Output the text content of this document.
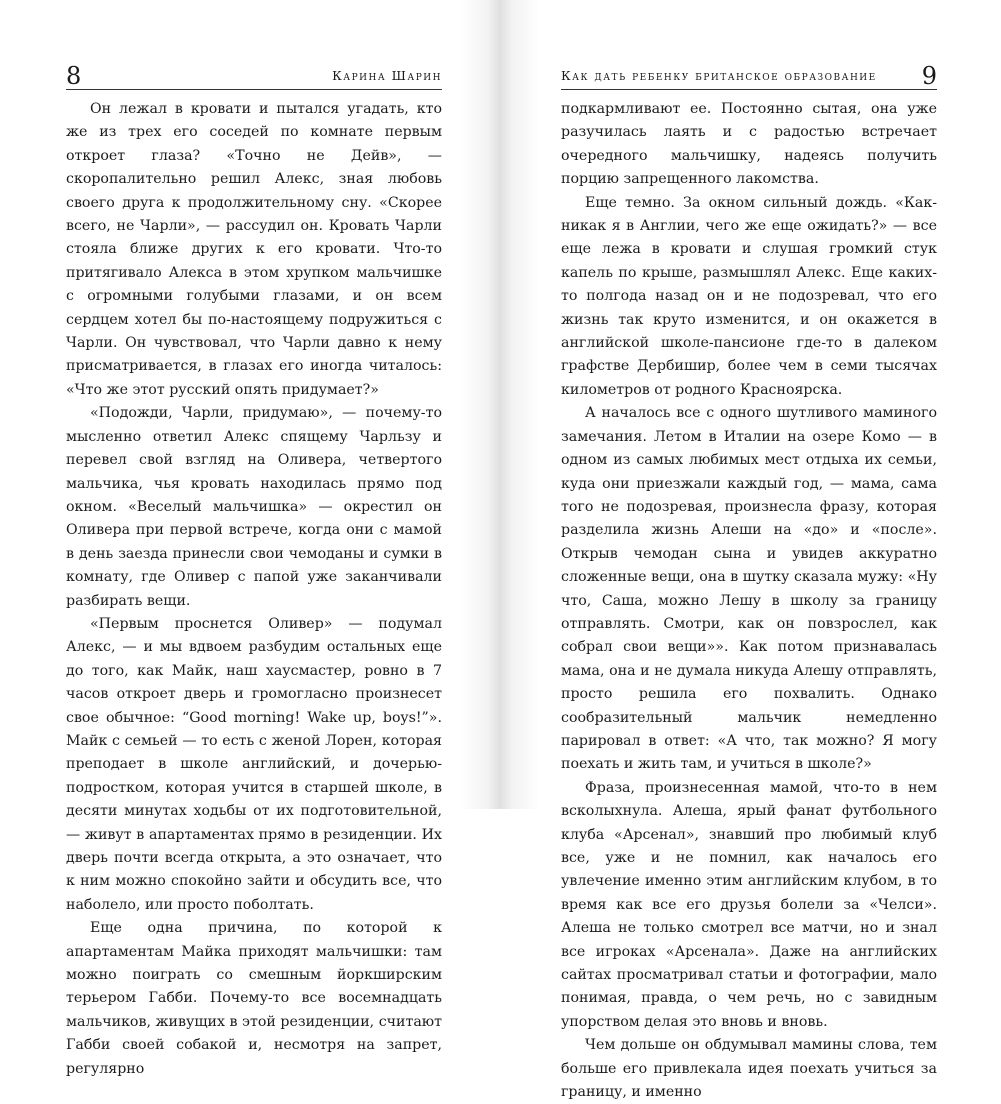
8	Карина Шарин

Он лежал в кровати и пытался угадать, кто же из трех его соседей по комнате первым откроет глаза? «Точно не Дейв», — скоропалительно решил Алекс, зная любовь своего друга к продолжительному сну. «Скорее всего, не Чарли», — рассудил он. Кровать Чарли стояла ближе других к его кровати. Что-то притягивало Алекса в этом хрупком мальчишке с огромными голубыми глазами, и он всем сердцем хотел бы по-настоящему подружиться с Чарли. Он чувствовал, что Чарли давно к нему присматривается, в глазах его иногда читалось: «Что же этот русский опять придумает?»

«Подожди, Чарли, придумаю», — почему-то мысленно ответил Алекс спящему Чарльзу и перевел свой взгляд на Оливера, четвертого мальчика, чья кровать находилась прямо под окном. «Веселый мальчишка» — окрестил он Оливера при первой встрече, когда они с мамой в день заезда принесли свои чемоданы и сумки в комнату, где Оливер с папой уже заканчивали разбирать вещи.

«Первым проснется Оливер» — подумал Алекс, — и мы вдвоем разбудим остальных еще до того, как Майк, наш хаусмастер, ровно в 7 часов откроет дверь и громогласно произнесет свое обычное: “Good morning! Wake up, boys!”». Майк с семьей — то есть с женой Лорен, которая преподает в школе английский, и дочерью-подростком, которая учится в старшей школе, в десяти минутах ходьбы от их подготовительной, — живут в апартаментах прямо в резиденции. Их дверь почти всегда открыта, а это означает, что к ним можно спокойно зайти и обсудить все, что наболело, или просто поболтать.

Еще одна причина, по которой к апартаментам Майка приходят мальчишки: там можно поиграть со смешным йоркширским терьером Габби. Почему-то все восемнадцать мальчиков, живущих в этой резиденции, считают Габби своей собакой и, несмотря на запрет, регулярно

Как дать ребенку британское образование 9

подкармливают ее. Постоянно сытая, она уже разучилась лаять и с радостью встречает очередного мальчишку, надеясь получить порцию запрещенного лакомства.

Еще темно. За окном сильный дождь. «Как-никак я в Англии, чего же еще ожидать?» — все еще лежа в кровати и слушая громкий стук капель по крыше, размышлял Алекс. Еще каких-то полгода назад он и не подозревал, что его жизнь так круто изменится, и он окажется в английской школе-пансионе где-то в далеком графстве Дербишир, более чем в семи тысячах километров от родного Красноярска.

А началось все с одного шутливого маминого замечания. Летом в Италии на озере Комо — в одном из самых любимых мест отдыха их семьи, куда они приезжали каждый год, — мама, сама того не подозревая, произнесла фразу, которая разделила жизнь Алеши на «до» и «после». Открыв чемодан сына и увидев аккуратно сложенные вещи, она в шутку сказала мужу: «Ну что, Саша, можно Лешу в школу за границу отправлять. Смотри, как он повзрослел, как собрал свои вещи»». Как потом признавалась мама, она и не думала никуда Алешу отправлять, просто решила его похвалить. Однако сообразительный мальчик немедленно парировал в ответ: «А что, так можно? Я могу поехать и жить там, и учиться в школе?»

Фраза, произнесенная мамой, что-то в нем всколыхнула. Алеша, ярый фанат футбольного клуба «Арсенал», знавший про любимый клуб все, уже и не помнил, как началось его увлечение именно этим английским клубом, в то время как все его друзья болели за «Челси». Алеша не только смотрел все матчи, но и знал все игроках «Арсенала». Даже на английских сайтах просматривал статьи и фотографии, мало понимая, правда, о чем речь, но с завидным упорством делая это вновь и вновь.

Чем дольше он обдумывал мамины слова, тем больше его привлекала идея поехать учиться за границу, и именно
